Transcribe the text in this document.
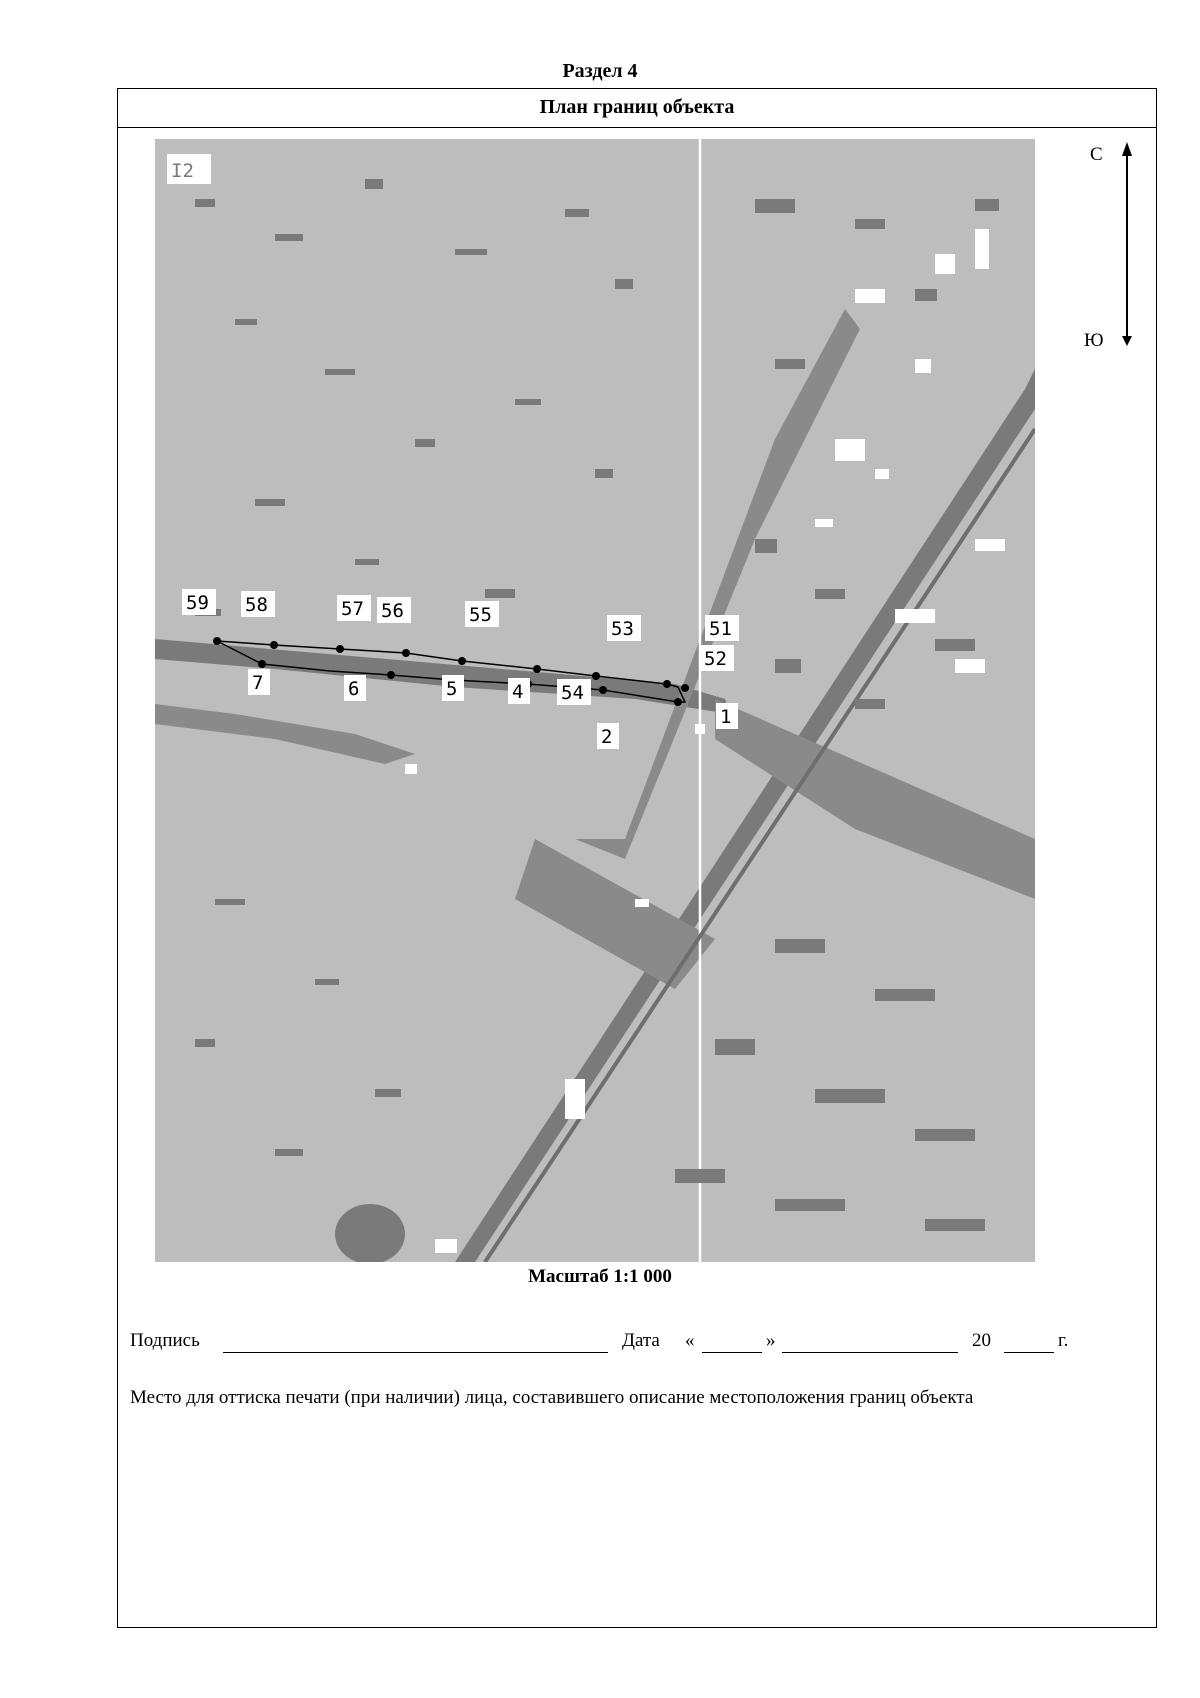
Раздел 4
План границ объекта
I2
59 58	57 56	55
53	51
52
7	6	5	4 54
1
2
С
Ю
Масштаб 1:1 000
Подпись	Дата «	»	20	г.
Место для оттиска печати (при наличии) лица, составившего описание местоположения границ объекта
